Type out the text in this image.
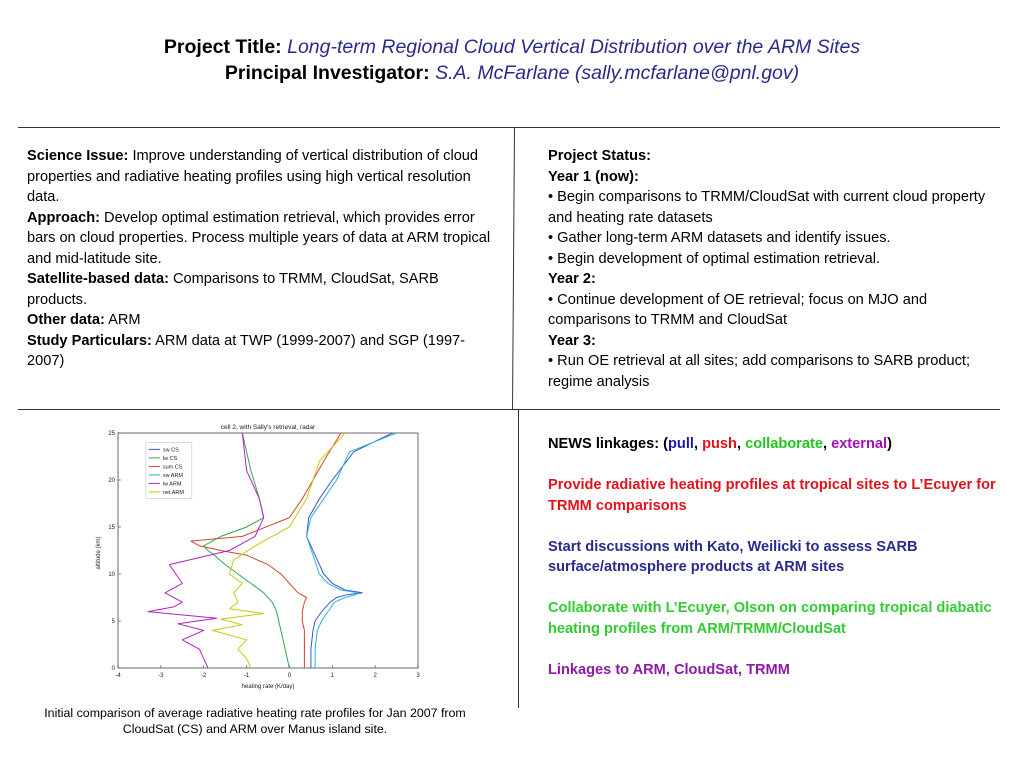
Project Title: Long-term Regional Cloud Vertical Distribution over the ARM Sites
Principal Investigator: S.A. McFarlane (sally.mcfarlane@pnl.gov)
Science Issue: Improve understanding of vertical distribution of cloud properties and radiative heating profiles using high vertical resolution data.
Approach: Develop optimal estimation retrieval, which provides error bars on cloud properties. Process multiple years of data at ARM tropical and mid-latitude site.
Satellite-based data: Comparisons to TRMM, CloudSat, SARB products.
Other data: ARM
Study Particulars: ARM data at TWP (1999-2007) and SGP (1997-2007)
Project Status:
Year 1 (now):
• Begin comparisons to TRMM/CloudSat with current cloud property and heating rate datasets
• Gather long-term ARM datasets and identify issues.
• Begin development of optimal estimation retrieval.
Year 2:
• Continue development of OE retrieval; focus on MJO and comparisons to TRMM and CloudSat
Year 3:
• Run OE retrieval at all sites; add comparisons to SARB product; regime analysis

NEWS linkages: (pull, push, collaborate, external)

Provide radiative heating profiles at tropical sites to L’Ecuyer for TRMM comparisons

Start discussions with Kato, Weilicki to assess SARB surface/atmosphere products at ARM sites

Collaborate with L’Ecuyer, Olson on comparing tropical diabatic heating profiles from ARM/TRMM/CloudSat

Linkages to ARM, CloudSat, TRMM

cell 2, with Sally's retrieval, radar
heating rate (K/day)
altitude (km)
-4	-3	-2	-1	0	1	2	3
0
5
10
15
20
25
sw CS
lw CS
sum CS
sw ARM
lw ARM
net ARM
Initial comparison of average radiative heating rate profiles for Jan 2007 from CloudSat (CS) and ARM over Manus island site.
